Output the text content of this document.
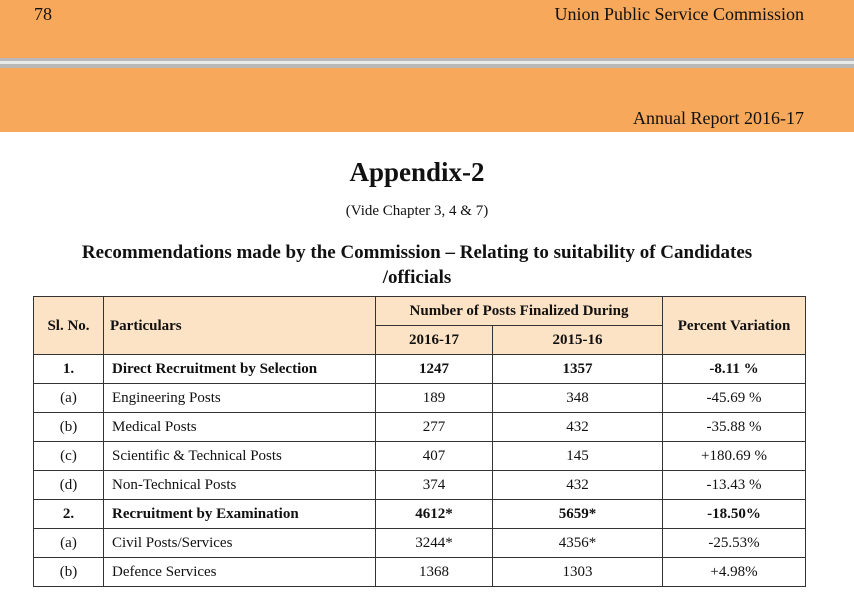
78	Union Public Service Commission
Annual Report 2016-17
Appendix-2
(Vide Chapter 3, 4 & 7)
Recommendations made by the Commission – Relating to suitability of Candidates /officials
Sl. No.	Particulars	Number of Posts Finalized During		Percent Variation
		2016-17	2015-16	
1.	Direct Recruitment by Selection	1247	1357	-8.11 %
(a)	Engineering Posts	189	348	-45.69 %
(b)	Medical Posts	277	432	-35.88 %
(c)	Scientific & Technical Posts	407	145	+180.69 %
(d)	Non-Technical Posts	374	432	-13.43 %
2.	Recruitment by Examination	4612*	5659*	-18.50%
(a)	Civil Posts/Services	3244*	4356*	-25.53%
(b)	Defence Services	1368	1303	+4.98%
